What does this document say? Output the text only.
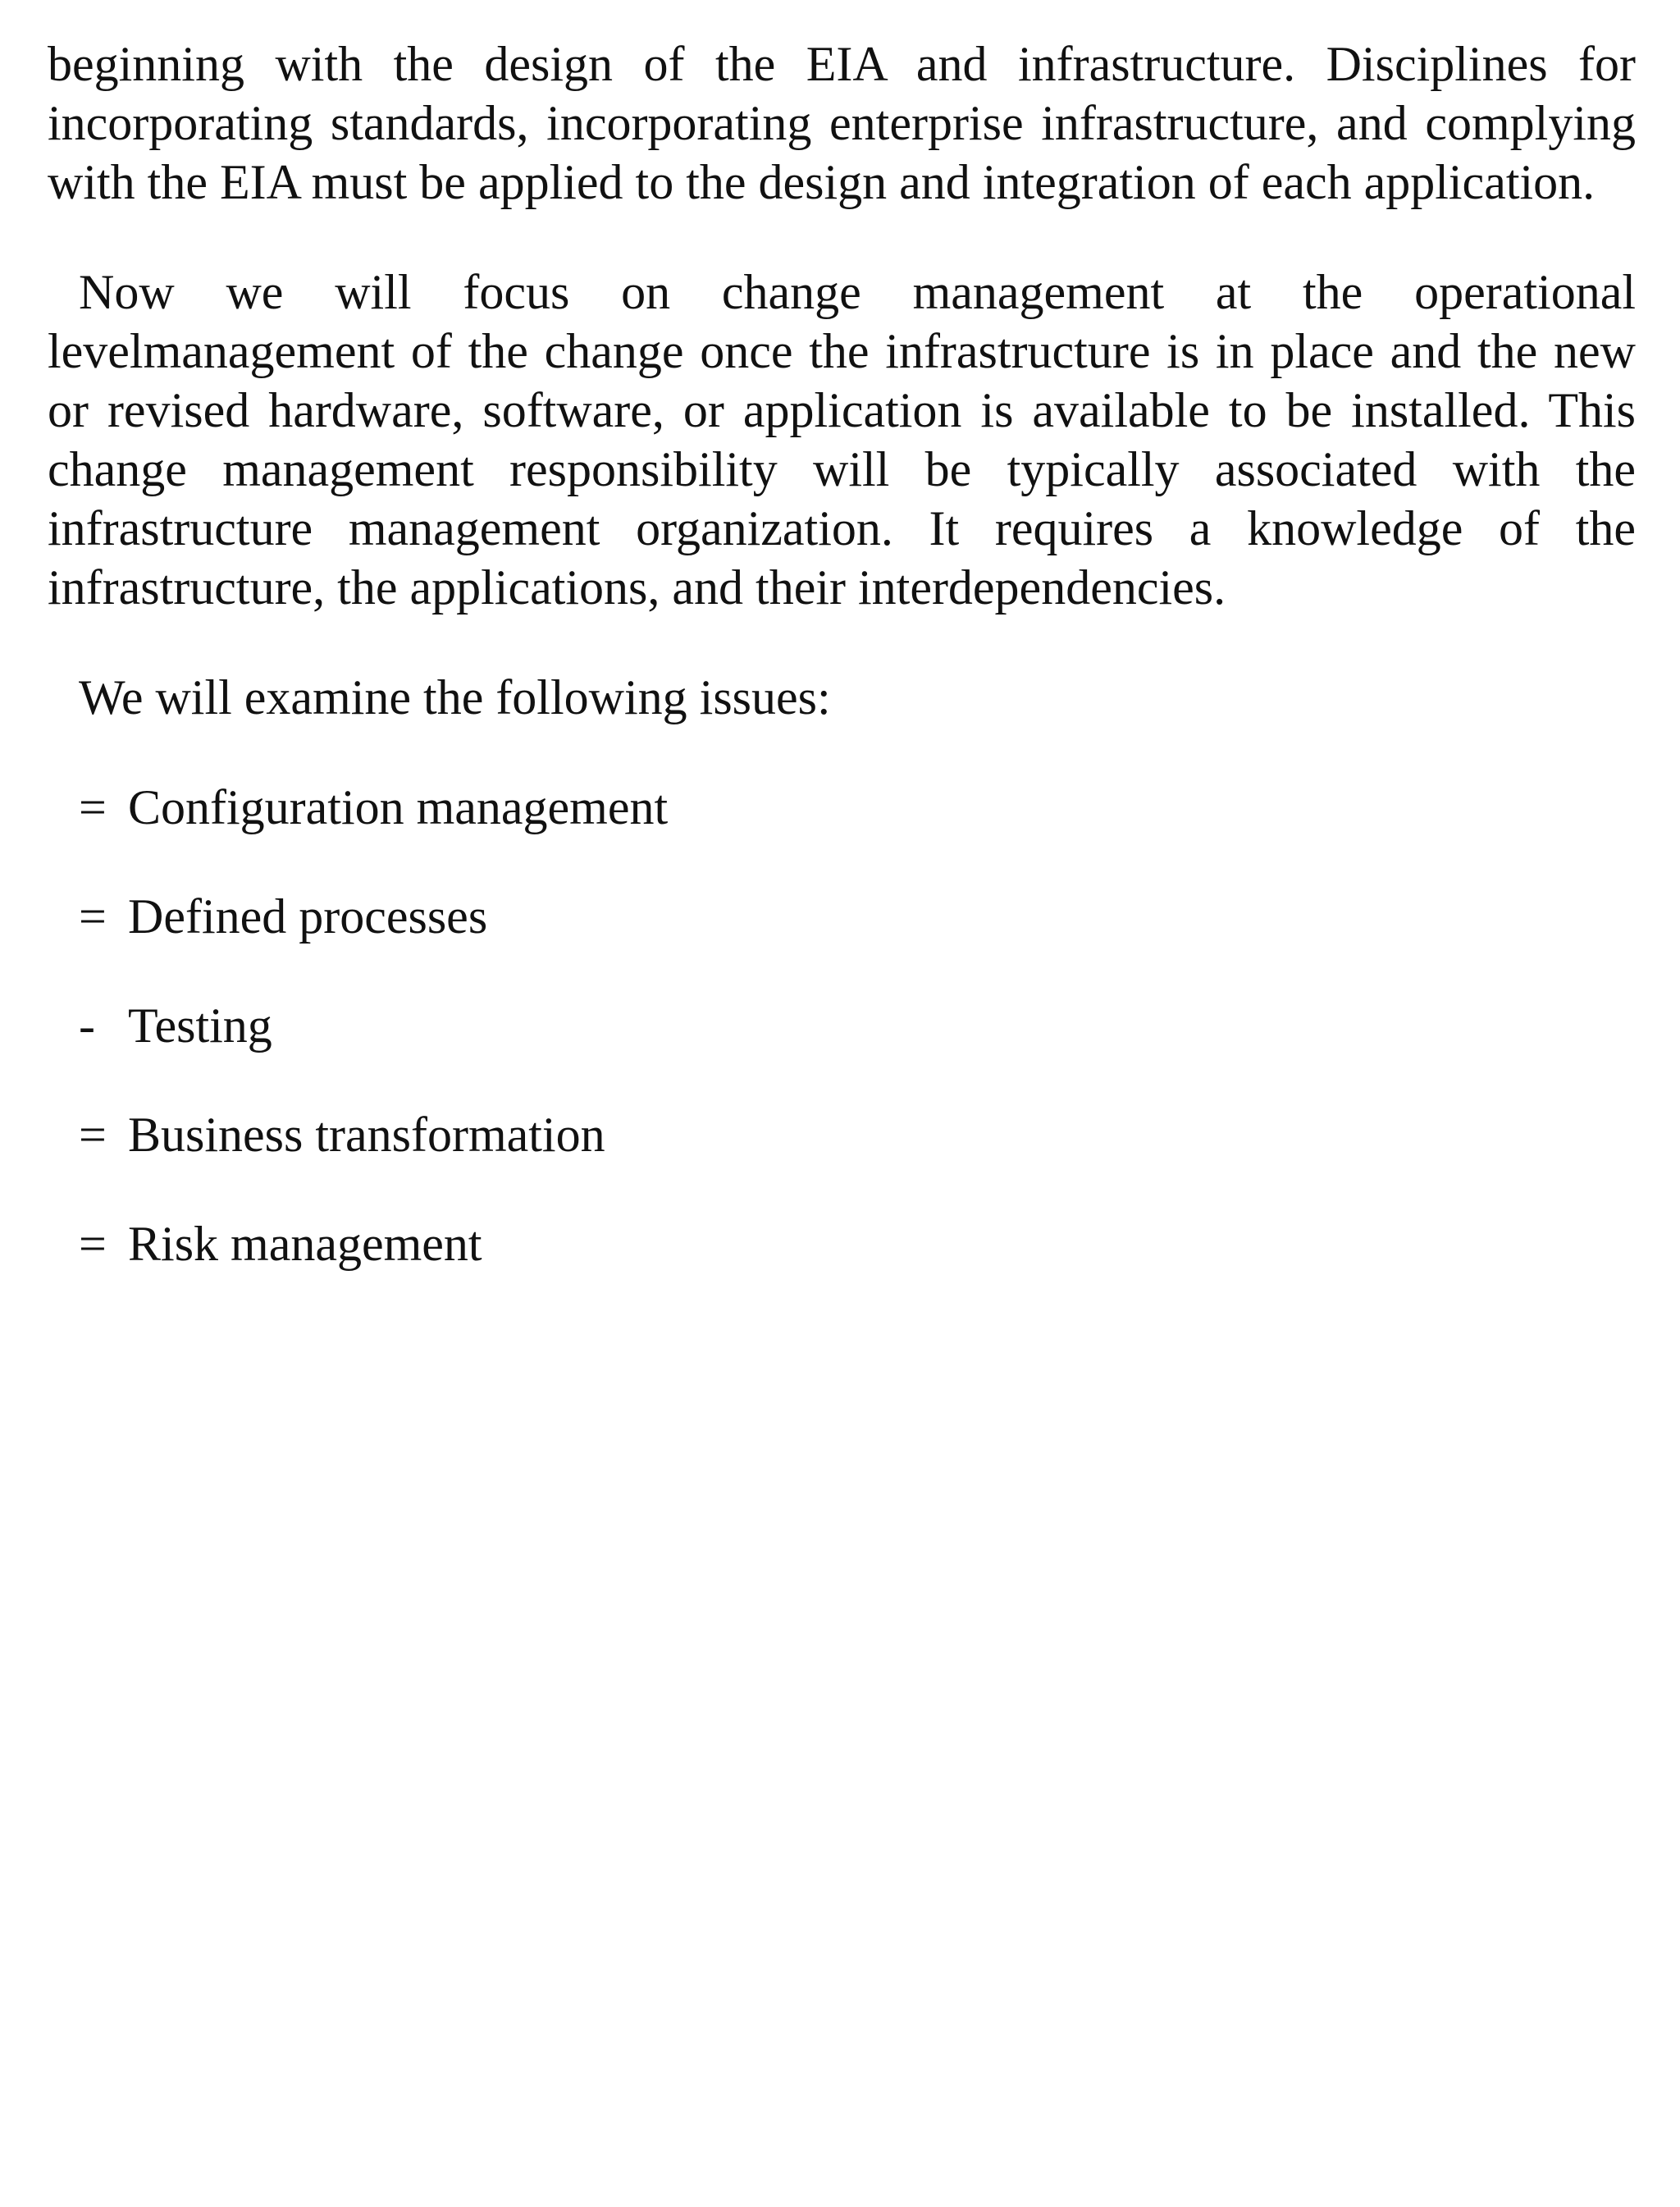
beginning with the design of the EIA and infrastructure. Disciplines for incorporating standards, incorporating enterprise infrastructure, and complying with the EIA must be applied to the design and integration of each application.

Now we will focus on change management at the operational levelmanagement of the change once the infrastructure is in place and the new or revised hardware, software, or application is available to be installed. This change management responsibility will be typically associated with the infrastructure management organization. It requires a knowledge of the infrastructure, the applications, and their interdependencies.

We will examine the following issues:

= Configuration management
= Defined processes
- Testing
= Business transformation
= Risk management
